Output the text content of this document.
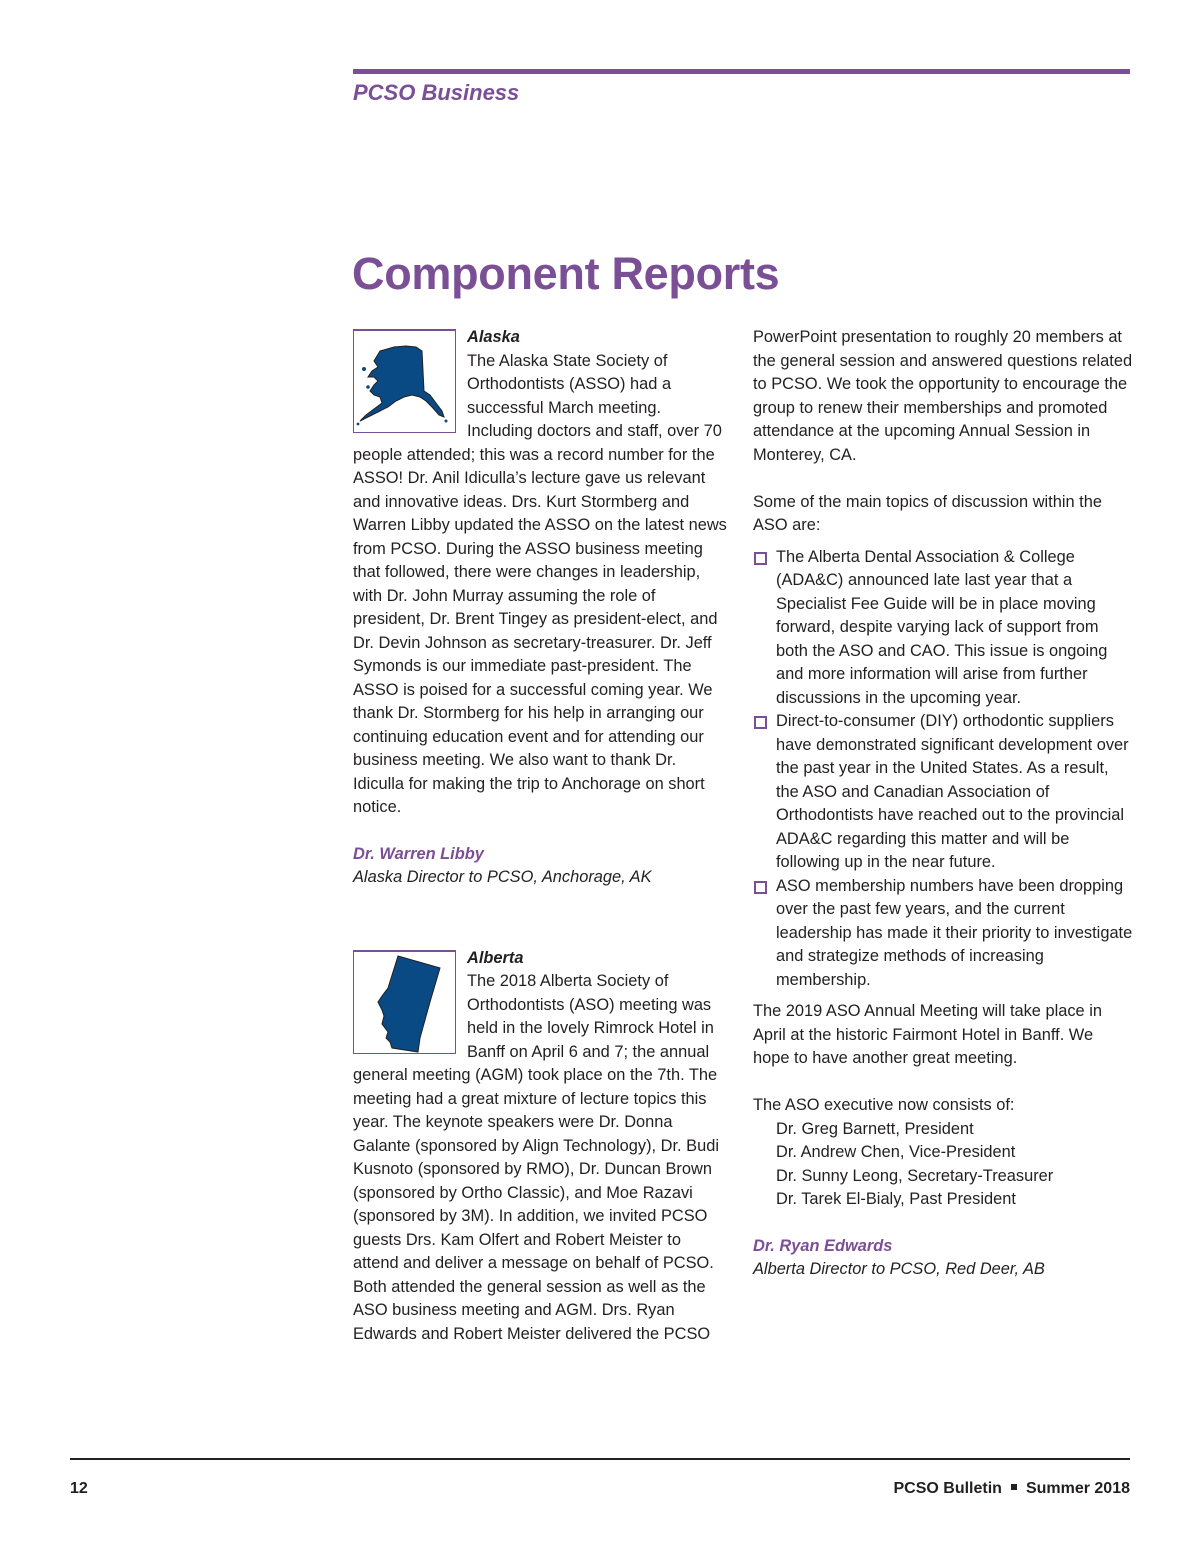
PCSO Business
Component Reports

Alaska
The Alaska State Society of Orthodontists (ASSO) had a successful March meeting. Including doctors and staff, over 70 people attended; this was a record number for the ASSO! Dr. Anil Idiculla’s lecture gave us relevant and innovative ideas. Drs. Kurt Stormberg and Warren Libby updated the ASSO on the latest news from PCSO. During the ASSO business meeting that followed, there were changes in leadership, with Dr. John Murray assuming the role of president, Dr. Brent Tingey as president-elect, and Dr. Devin Johnson as secretary-treasurer. Dr. Jeff Symonds is our immediate past-president. The ASSO is poised for a successful coming year. We thank Dr. Stormberg for his help in arranging our continuing education event and for attending our business meeting. We also want to thank Dr. Idiculla for making the trip to Anchorage on short notice.

Dr. Warren Libby
Alaska Director to PCSO, Anchorage, AK

Alberta
The 2018 Alberta Society of Orthodontists (ASO) meeting was held in the lovely Rimrock Hotel in Banff on April 6 and 7; the annual general meeting (AGM) took place on the 7th. The meeting had a great mixture of lecture topics this year. The keynote speakers were Dr. Donna Galante (sponsored by Align Technology), Dr. Budi Kusnoto (sponsored by RMO), Dr. Duncan Brown (sponsored by Ortho Classic), and Moe Razavi (sponsored by 3M). In addition, we invited PCSO guests Drs. Kam Olfert and Robert Meister to attend and deliver a message on behalf of PCSO. Both attended the general session as well as the ASO business meeting and AGM. Drs. Ryan Edwards and Robert Meister delivered the PCSO

PowerPoint presentation to roughly 20 members at the general session and answered questions related to PCSO. We took the opportunity to encourage the group to renew their memberships and promoted attendance at the upcoming Annual Session in Monterey, CA.

Some of the main topics of discussion within the ASO are:

The Alberta Dental Association & College (ADA&C) announced late last year that a Specialist Fee Guide will be in place moving forward, despite varying lack of support from both the ASO and CAO. This issue is ongoing and more information will arise from further discussions in the upcoming year.
Direct-to-consumer (DIY) orthodontic suppliers have demonstrated significant development over the past year in the United States. As a result, the ASO and Canadian Association of Orthodontists have reached out to the provincial ADA&C regarding this matter and will be following up in the near future.
ASO membership numbers have been dropping over the past few years, and the current leadership has made it their priority to investigate and strategize methods of increasing membership.

The 2019 ASO Annual Meeting will take place in April at the historic Fairmont Hotel in Banff. We hope to have another great meeting.

The ASO executive now consists of:

Dr. Greg Barnett, President
Dr. Andrew Chen, Vice-President
Dr. Sunny Leong, Secretary-Treasurer
Dr. Tarek El-Bialy, Past President
Dr. Ryan Edwards
Alberta Director to PCSO, Red Deer, AB
12	PCSO Bulletin Summer 2018
